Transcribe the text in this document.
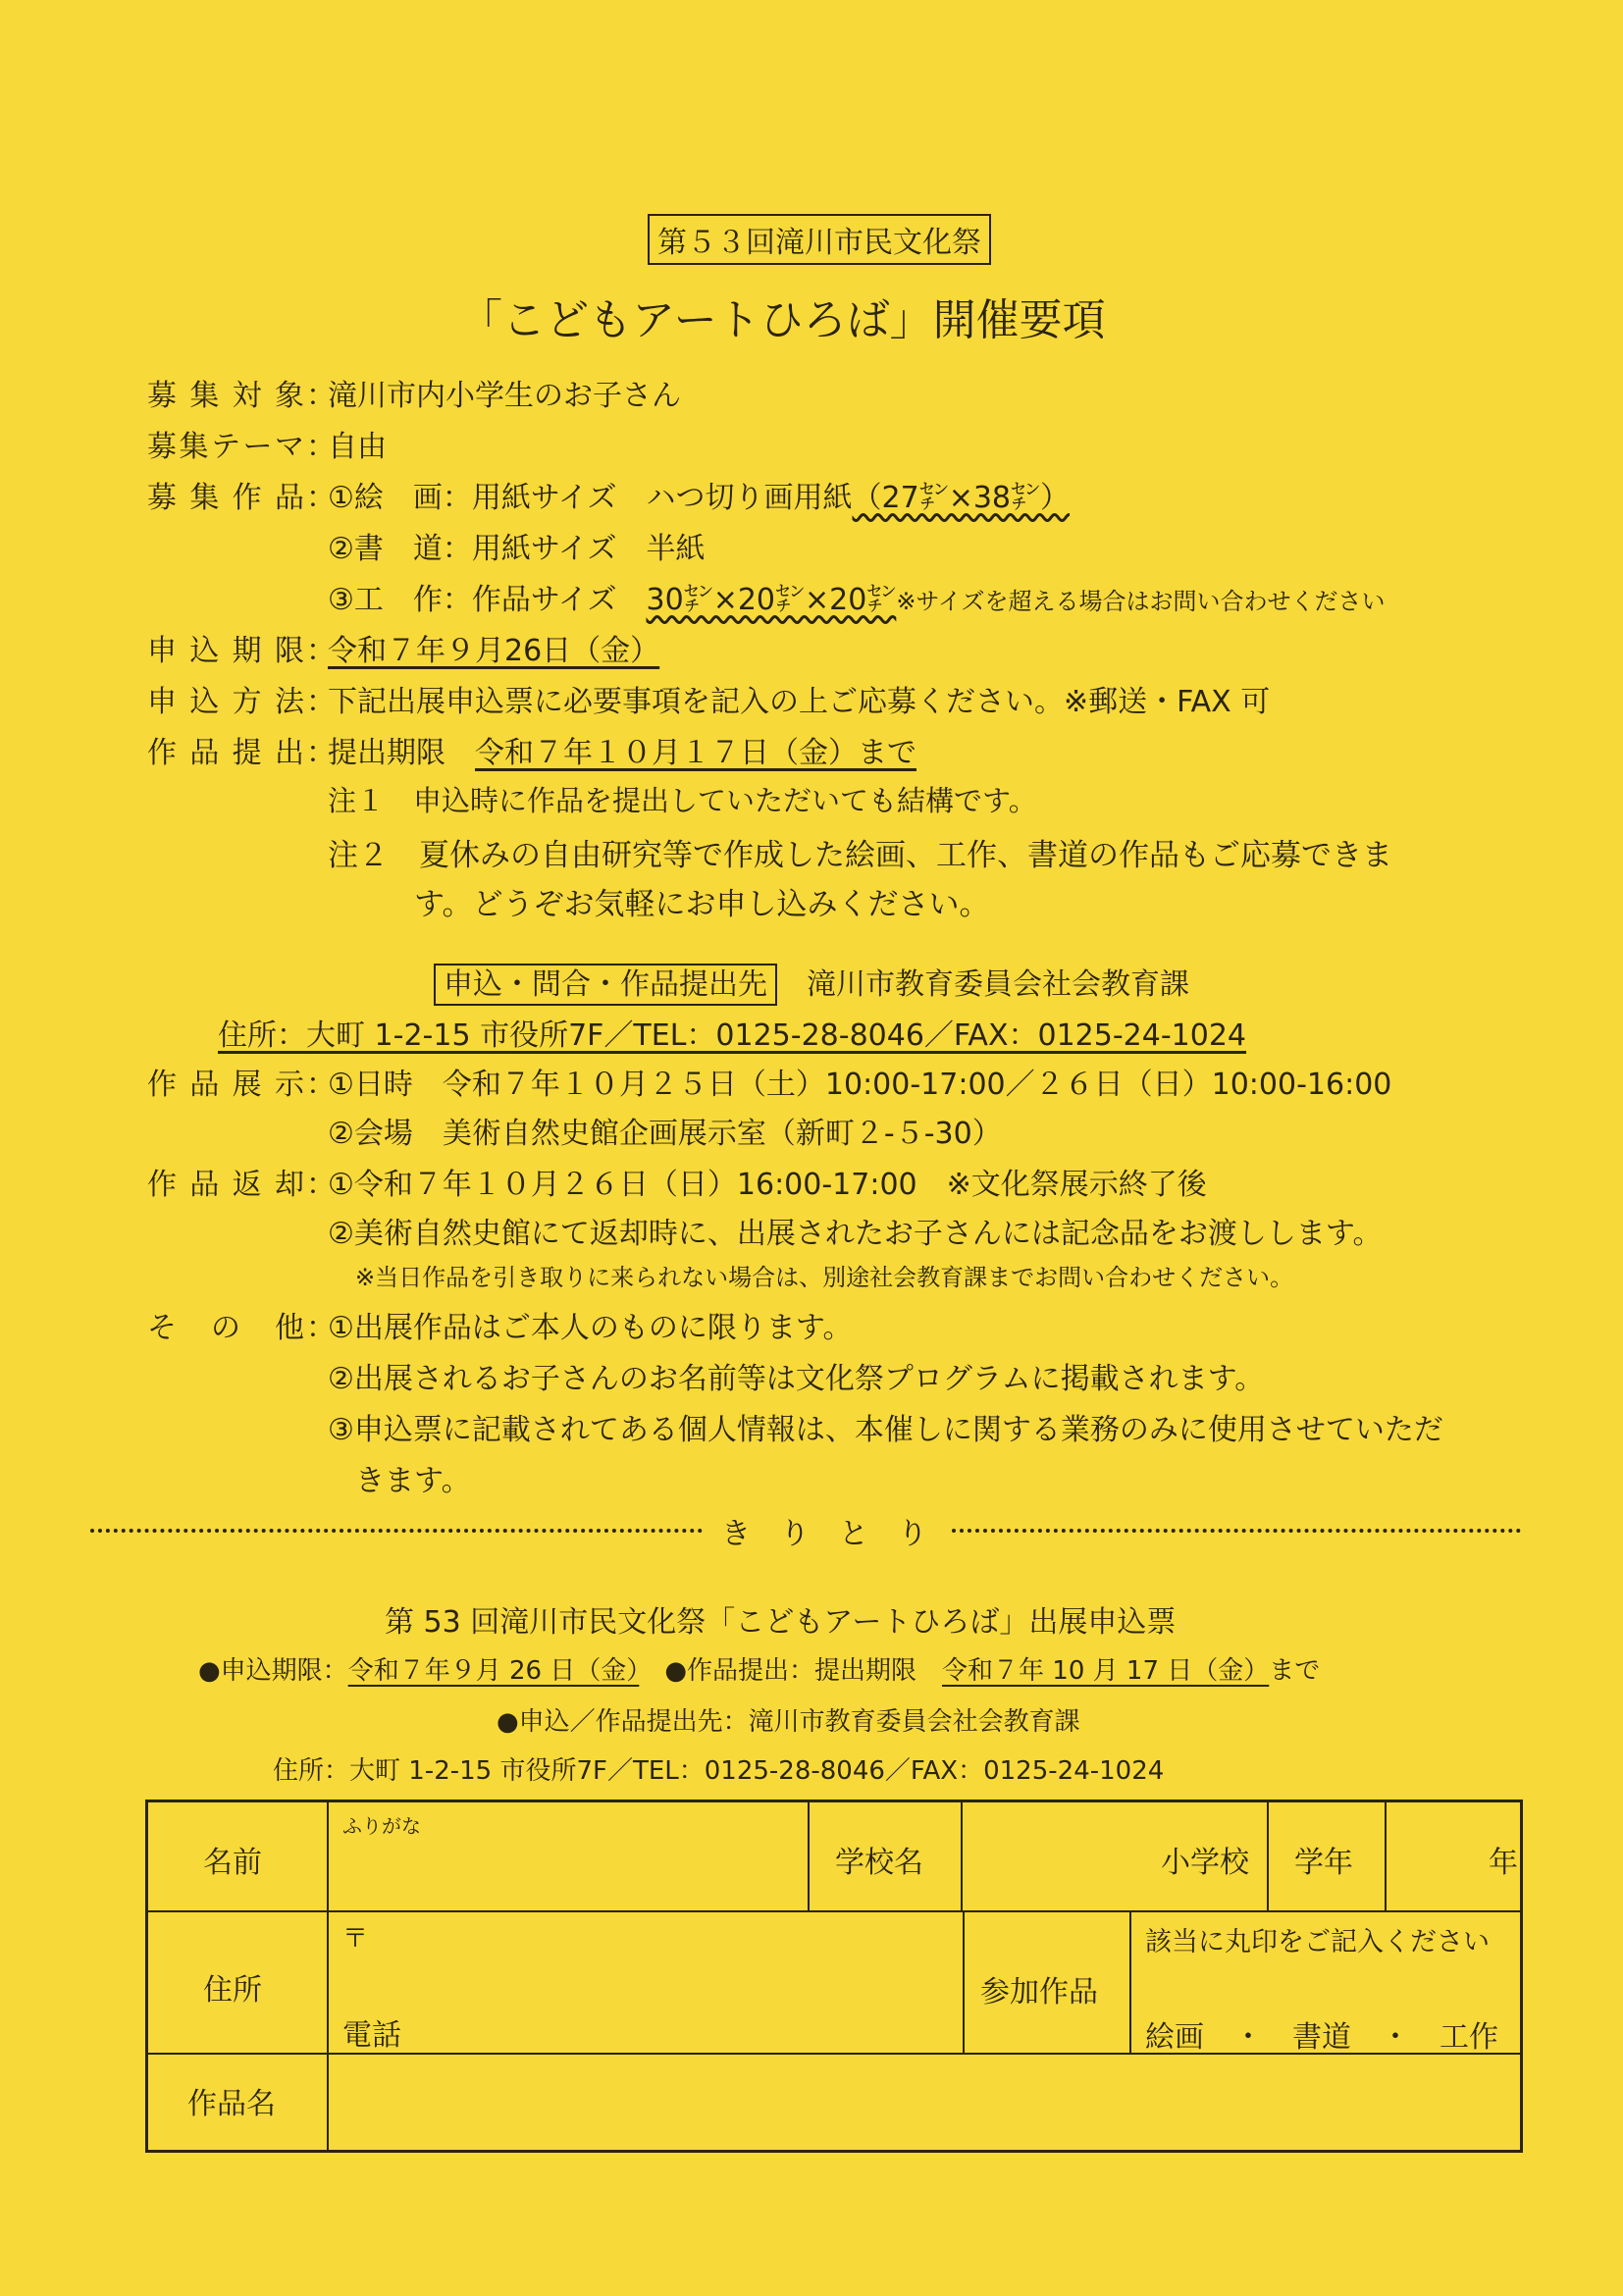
第５３回滝川市民文化祭
「こどもアートひろば」開催要項
募集対象 ：
滝川市内小学生のお子さん
募集テーマ ：
自由
募集作品 ：
①絵　画：用紙サイズ　 ハつ切り画用紙（27㌢×38㌢）
②書　道：用紙サイズ　 半紙
③工　作：作品サイズ　 30㌢×20㌢×20㌢※サイズを超える場合はお問い合わせください
申込期限 ：
令和７年９月26日（金）
申込方法 ：
下記出展申込票に必要事項を記入の上ご応募ください。※郵送・FAX 可
作品提出 ：
提出期限　 令和７年１０月１７日（金）まで
注１　 申込時に作品を提出していただいても結構です。
注２　 夏休みの自由研究等で作成した絵画、工作、書道の作品もご応募できま
す。どうぞお気軽にお申し込みください。
申込・問合・作品提出先　 滝川市教育委員会社会教育課
住所：大町 1-2-15 市役所7F／TEL：0125-28-8046／FAX：0125-24-1024
作品展示 ：
①日時　令和７年１０月２５日（土）10:00-17:00／２６日（日）10:00-16:00
②会場　美術自然史館企画展示室（新町２-５-30）
作品返却 ：
①令和７年１０月２６日（日）16:00-17:00　※文化祭展示終了後
②美術自然史館にて返却時に、出展されたお子さんには記念品をお渡しします。
※当日作品を引き取りに来られない場合は、別途社会教育課までお問い合わせください。
そ　の　他 ：
①出展作品はご本人のものに限ります。
②出展されるお子さんのお名前等は文化祭プログラムに掲載されます。
③申込票に記載されてある個人情報は、本催しに関する業務のみに使用させていただ
きます。
き　り　と　り
第 53 回滝川市民文化祭「こどもアートひろば」出展申込票
●申込期限：令和７年９月 26 日（金）　 ●作品提出：提出期限　 令和７年 10 月 17 日（金）まで
●申込／作品提出先：滝川市教育委員会社会教育課
住所：大町 1-2-15 市役所7F／TEL：0125-28-8046／FAX：0125-24-1024
名前
ふりがな
学校名	小学校 学年	年
住所
〒
電話
参加作品
該当に丸印をご記入ください
絵画　・　書道　・　工作
作品名
